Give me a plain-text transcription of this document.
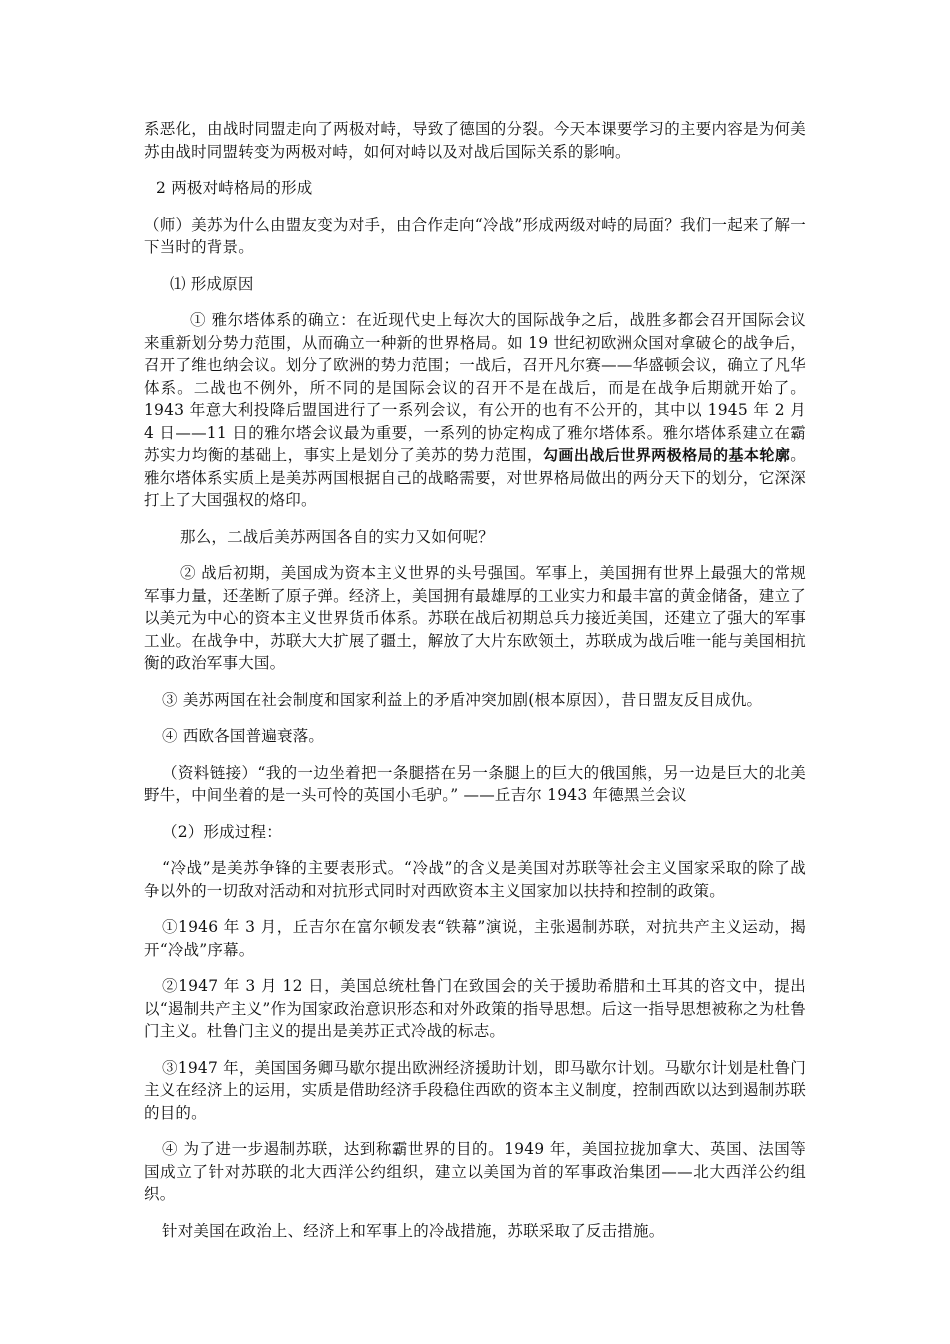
系恶化，由战时同盟走向了两极对峙，导致了德国的分裂。今天本课要学习的主要内容是为何美苏由战时同盟转变为两极对峙，如何对峙以及对战后国际关系的影响。

2 两极对峙格局的形成

（师）美苏为什么由盟友变为对手，由合作走向“冷战”形成两级对峙的局面？我们一起来了解一下当时的背景。

⑴ 形成原因

① 雅尔塔体系的确立：在近现代史上每次大的国际战争之后，战胜多都会召开国际会议来重新划分势力范围，从而确立一种新的世界格局。如 19 世纪初欧洲众国对拿破仑的战争后，召开了维也纳会议。划分了欧洲的势力范围；一战后，召开凡尔赛——华盛顿会议，确立了凡华体系。二战也不例外，所不同的是国际会议的召开不是在战后，而是在战争后期就开始了。1943 年意大利投降后盟国进行了一系列会议，有公开的也有不公开的，其中以 1945 年 2 月 4 日——11 日的雅尔塔会议最为重要，一系列的协定构成了雅尔塔体系。雅尔塔体系建立在霸苏实力均衡的基础上，事实上是划分了美苏的势力范围，勾画出战后世界两极格局的基本轮廓。雅尔塔体系实质上是美苏两国根据自己的战略需要，对世界格局做出的两分天下的划分，它深深打上了大国强权的烙印。

那么，二战后美苏两国各自的实力又如何呢？

② 战后初期，美国成为资本主义世界的头号强国。军事上，美国拥有世界上最强大的常规军事力量，还垄断了原子弹。经济上，美国拥有最雄厚的工业实力和最丰富的黄金储备，建立了以美元为中心的资本主义世界货币体系。苏联在战后初期总兵力接近美国，还建立了强大的军事工业。在战争中，苏联大大扩展了疆土，解放了大片东欧领土，苏联成为战后唯一能与美国相抗衡的政治军事大国。

③ 美苏两国在社会制度和国家利益上的矛盾冲突加剧(根本原因），昔日盟友反目成仇。

④ 西欧各国普遍衰落。

（资料链接）“我的一边坐着把一条腿搭在另一条腿上的巨大的俄国熊，另一边是巨大的北美野牛，中间坐着的是一头可怜的英国小毛驴。” ——丘吉尔 1943 年德黑兰会议

（2）形成过程：

“冷战”是美苏争锋的主要表形式。“冷战”的含义是美国对苏联等社会主义国家采取的除了战争以外的一切敌对活动和对抗形式同时对西欧资本主义国家加以扶持和控制的政策。

①1946 年 3 月，丘吉尔在富尔顿发表“铁幕”演说，主张遏制苏联，对抗共产主义运动，揭开“冷战”序幕。

②1947 年 3 月 12 日，美国总统杜鲁门在致国会的关于援助希腊和土耳其的咨文中，提出以“遏制共产主义”作为国家政治意识形态和对外政策的指导思想。后这一指导思想被称之为杜鲁门主义。杜鲁门主义的提出是美苏正式冷战的标志。

③1947 年，美国国务卿马歇尔提出欧洲经济援助计划，即马歇尔计划。马歇尔计划是杜鲁门主义在经济上的运用，实质是借助经济手段稳住西欧的资本主义制度，控制西欧以达到遏制苏联的目的。

④ 为了进一步遏制苏联，达到称霸世界的目的。1949 年，美国拉拢加拿大、英国、法国等国成立了针对苏联的北大西洋公约组织，建立以美国为首的军事政治集团——北大西洋公约组织。

针对美国在政治上、经济上和军事上的冷战措施，苏联采取了反击措施。
